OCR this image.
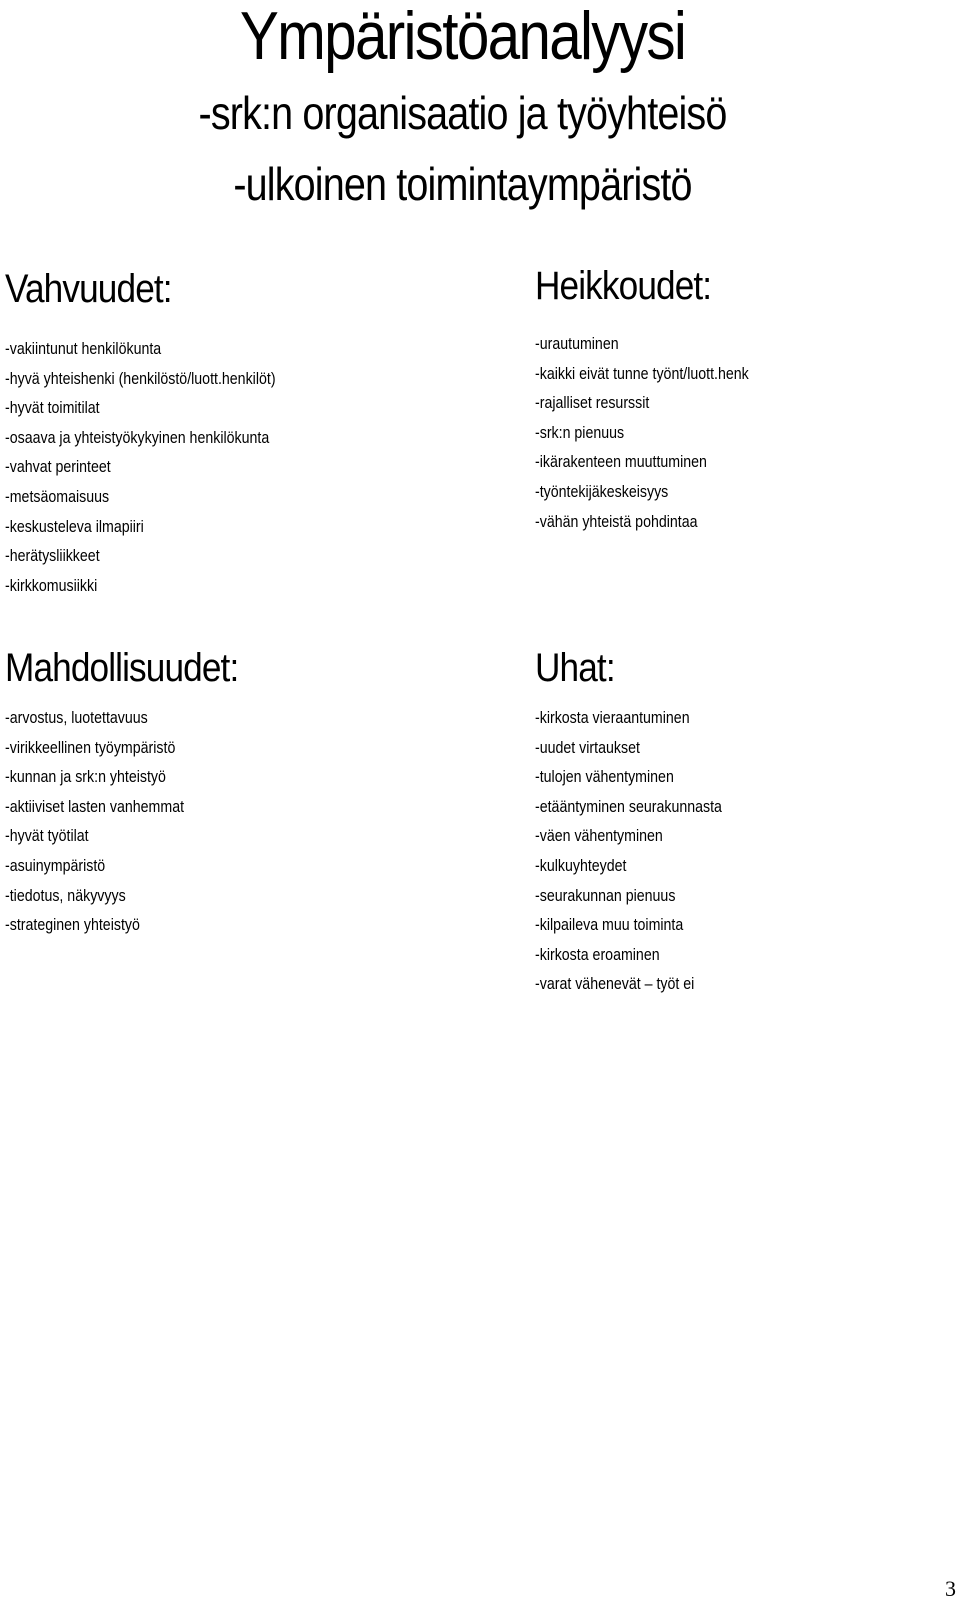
Ympäristöanalyysi
-srk:n organisaatio ja työyhteisö
-ulkoinen toimintaympäristö
Vahvuudet:
-vakiintunut henkilökunta
-hyvä yhteishenki (henkilöstö/luott.henkilöt)
-hyvät toimitilat
-osaava ja yhteistyökykyinen henkilökunta
-vahvat perinteet
-metsäomaisuus
-keskusteleva ilmapiiri
-herätysliikkeet
-kirkkomusiikki
Heikkoudet:
-urautuminen
-kaikki eivät tunne työnt/luott.henk
-rajalliset resurssit
-srk:n pienuus
-ikärakenteen muuttuminen
-työntekijäkeskeisyys
-vähän yhteistä pohdintaa
Mahdollisuudet:
-arvostus, luotettavuus
-virikkeellinen työympäristö
-kunnan ja srk:n yhteistyö
-aktiiviset lasten vanhemmat
-hyvät työtilat
-asuinympäristö
-tiedotus, näkyvyys
-strateginen yhteistyö
Uhat:
-kirkosta vieraantuminen
-uudet virtaukset
-tulojen vähentyminen
-etääntyminen seurakunnasta
-väen vähentyminen
-kulkuyhteydet
-seurakunnan pienuus
-kilpaileva muu toiminta
-kirkosta eroaminen
-varat vähenevät – työt ei
3
